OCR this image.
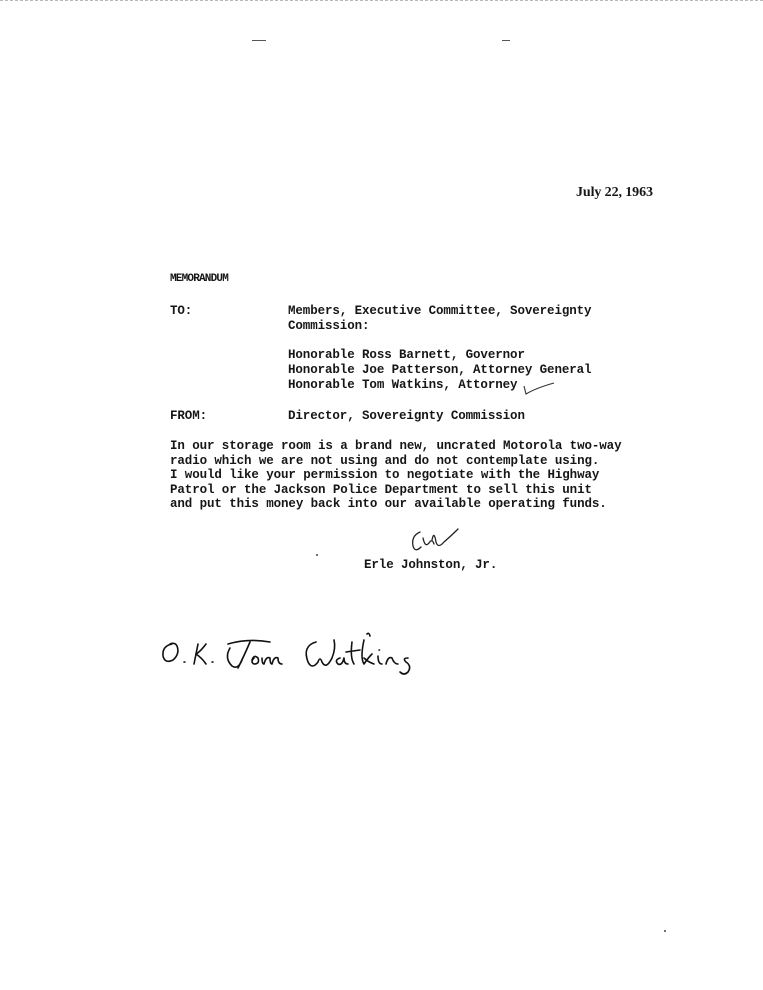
July 22, 1963
MEMORANDUM
TO:	Members, Executive Committee, Sovereignty
Commission:
Honorable Ross Barnett, Governor
Honorable Joe Patterson, Attorney General
Honorable Tom Watkins, Attorney
FROM:	Director, Sovereignty Commission
In our storage room is a brand new, uncrated Motorola two-way
radio which we are not using and do not contemplate using.
I would like your permission to negotiate with the Highway
Patrol or the Jackson Police Department to sell this unit
and put this money back into our available operating funds.
Erle Johnston, Jr.
